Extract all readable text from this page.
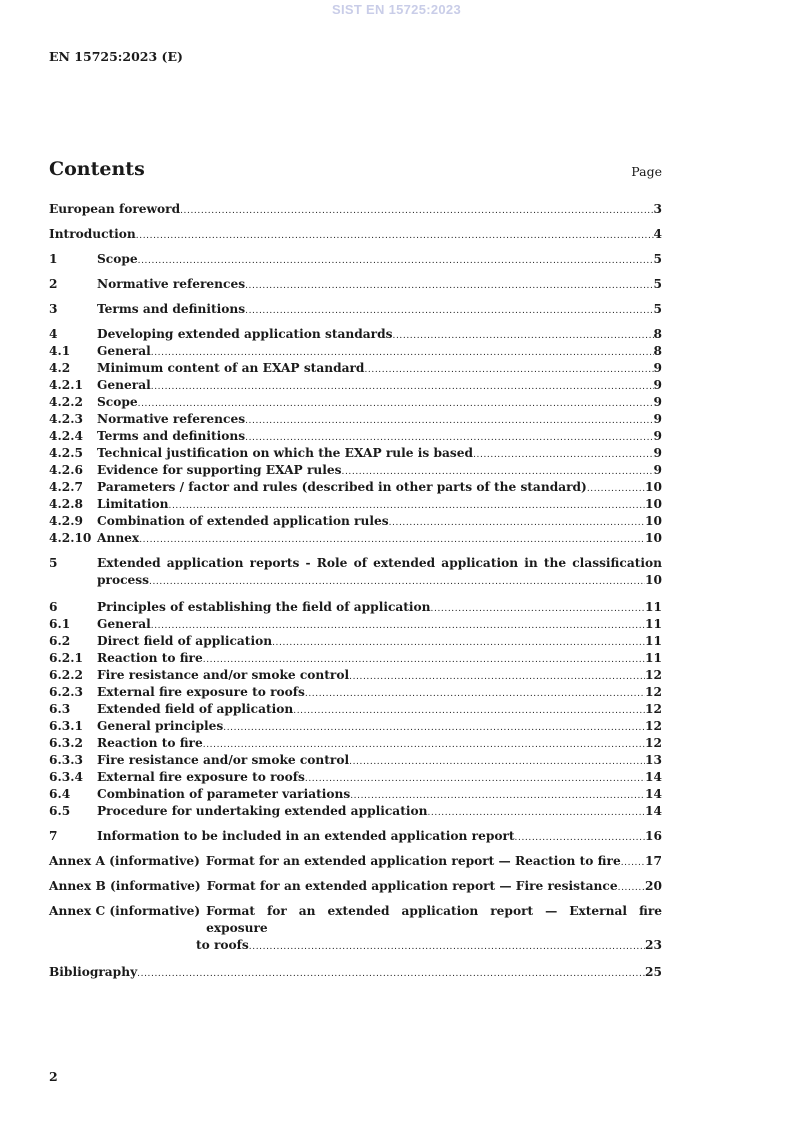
SIST EN 15725:2023
EN 15725:2023 (E)
Contents	Page
European foreword .....	3
Introduction .....	4
1	Scope .....	5
2	Normative references .....	5
3	Terms and definitions .....	5
4	Developing extended application standards .....	8
4.1	General .....	8
4.2	Minimum content of an EXAP standard .....	9
4.2.1	General .....	9
4.2.2	Scope .....	9
4.2.3	Normative references .....	9
4.2.4	Terms and definitions .....	9
4.2.5	Technical justification on which the EXAP rule is based .....	9
4.2.6	Evidence for supporting EXAP rules .....	9
4.2.7	Parameters / factor and rules (described in other parts of the standard) .....	10
4.2.8	Limitation .....	10
4.2.9	Combination of extended application rules .....	10
4.2.10 Annex .....	10
5	Extended application reports - Role of extended application in the classification
process .....	10
6	Principles of establishing the field of application .....	11
6.1	General .....	11
6.2	Direct field of application .....	11
6.2.1	Reaction to fire .....	11
6.2.2	Fire resistance and/or smoke control .....	12
6.2.3	External fire exposure to roofs .....	12
6.3	Extended field of application .....	12
6.3.1	General principles .....	12
6.3.2	Reaction to fire .....	12
6.3.3	Fire resistance and/or smoke control .....	13
6.3.4	External fire exposure to roofs .....	14
6.4	Combination of parameter variations .....	14
6.5	Procedure for undertaking extended application .....	14
7	Information to be included in an extended application report .....	16
Annex A (informative) Format for an extended application report — Reaction to fire ..... 17
Annex B (informative) Format for an extended application report — Fire resistance ..... 20
Annex C (informative) Format for an extended application report — External fire exposure
to roofs .....	23
Bibliography .....	25
2
